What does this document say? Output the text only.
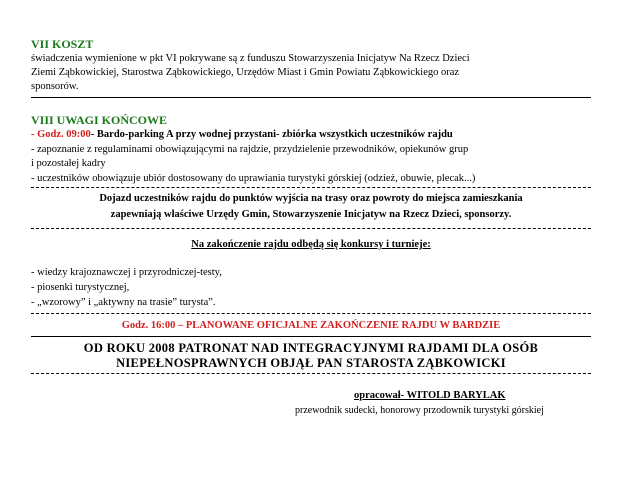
VII KOSZT
świadczenia wymienione w pkt VI pokrywane są z funduszu Stowarzyszenia Inicjatyw Na Rzecz Dzieci
Ziemi Ząbkowickiej, Starostwa Ząbkowickiego, Urzędów Miast i Gmin Powiatu Ząbkowickiego oraz
sponsorów.
VIII UWAGI KOŃCOWE
- Godz. 09:00- Bardo-parking A przy wodnej przystani- zbiórka wszystkich uczestników rajdu
- zapoznanie z regulaminami obowiązującymi na rajdzie, przydzielenie przewodników, opiekunów grup
i pozostałej kadry
- uczestników obowiązuje ubiór dostosowany do uprawiania turystyki górskiej (odzież, obuwie, plecak...)
Dojazd uczestników rajdu do punktów wyjścia na trasy oraz powroty do miejsca zamieszkania
zapewniają właściwe Urzędy Gmin, Stowarzyszenie Inicjatyw na Rzecz Dzieci, sponsorzy.
Na zakończenie rajdu odbędą się konkursy i turnieje:
- wiedzy krajoznawczej i przyrodniczej-testy,
- piosenki turystycznej,
- „wzorowy” i „aktywny na trasie” turysta”.
Godz. 16:00 – PLANOWANE OFICJALNE ZAKOŃCZENIE RAJDU W BARDZIE
OD ROKU 2008 PATRONAT NAD INTEGRACYJNYMI RAJDAMI DLA OSÓB
NIEPEŁNOSPRAWNYCH OBJĄŁ PAN STAROSTA ZĄBKOWICKI
opracował- WITOLD BARYLAK
przewodnik sudecki, honorowy przodownik turystyki górskiej
